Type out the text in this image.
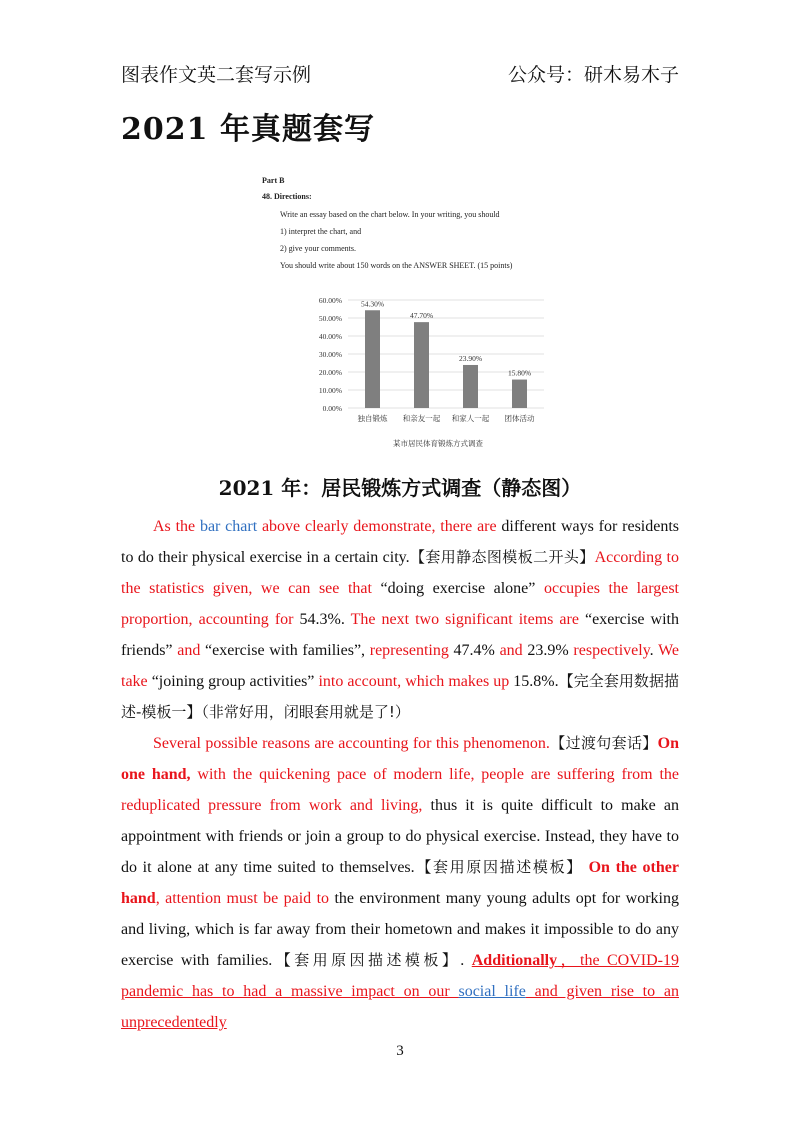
图表作文英二套写示例	公众号：研木易木子
2021 年真题套写
Part B
48. Directions:
Write an essay based on the chart below. In your writing, you should
1) interpret the chart, and
2) give your comments.
You should write about 150 words on the ANSWER SHEET. (15 points)
0.00%
10.00%
20.00%
30.00%
40.00%
50.00%
60.00%	54.30%
独自锻炼
47.70%
和亲友一起
23.90%
和家人一起
15.80%
团体活动
某市居民体育锻炼方式调查
2021 年：居民锻炼方式调查（静态图）

As the bar chart above clearly demonstrate, there are different ways for residents to do their physical exercise in a certain city.【套用静态图模板二开头】According to the statistics given, we can see that “doing exercise alone” occupies the largest proportion, accounting for 54.3%. The next two significant items are “exercise with friends” and “exercise with families”, representing 47.4% and 23.9% respectively. We take “joining group activities” into account, which makes up 15.8%.【完全套用数据描述-模板一】（非常好用，闭眼套用就是了!）

Several possible reasons are accounting for this phenomenon.【过渡句套话】On one hand, with the quickening pace of modern life, people are suffering from the reduplicated pressure from work and living, thus it is quite difficult to make an appointment with friends or join a group to do physical exercise. Instead, they have to do it alone at any time suited to themselves.【套用原因描述模板】 On the other hand, attention must be paid to the environment many young adults opt for working and living, which is far away from their hometown and makes it impossible to do any exercise with families.【套用原因描述模板】. Additionally，the COVID-19 pandemic has to had a massive impact on our social life and given rise to an unprecedentedly

3
